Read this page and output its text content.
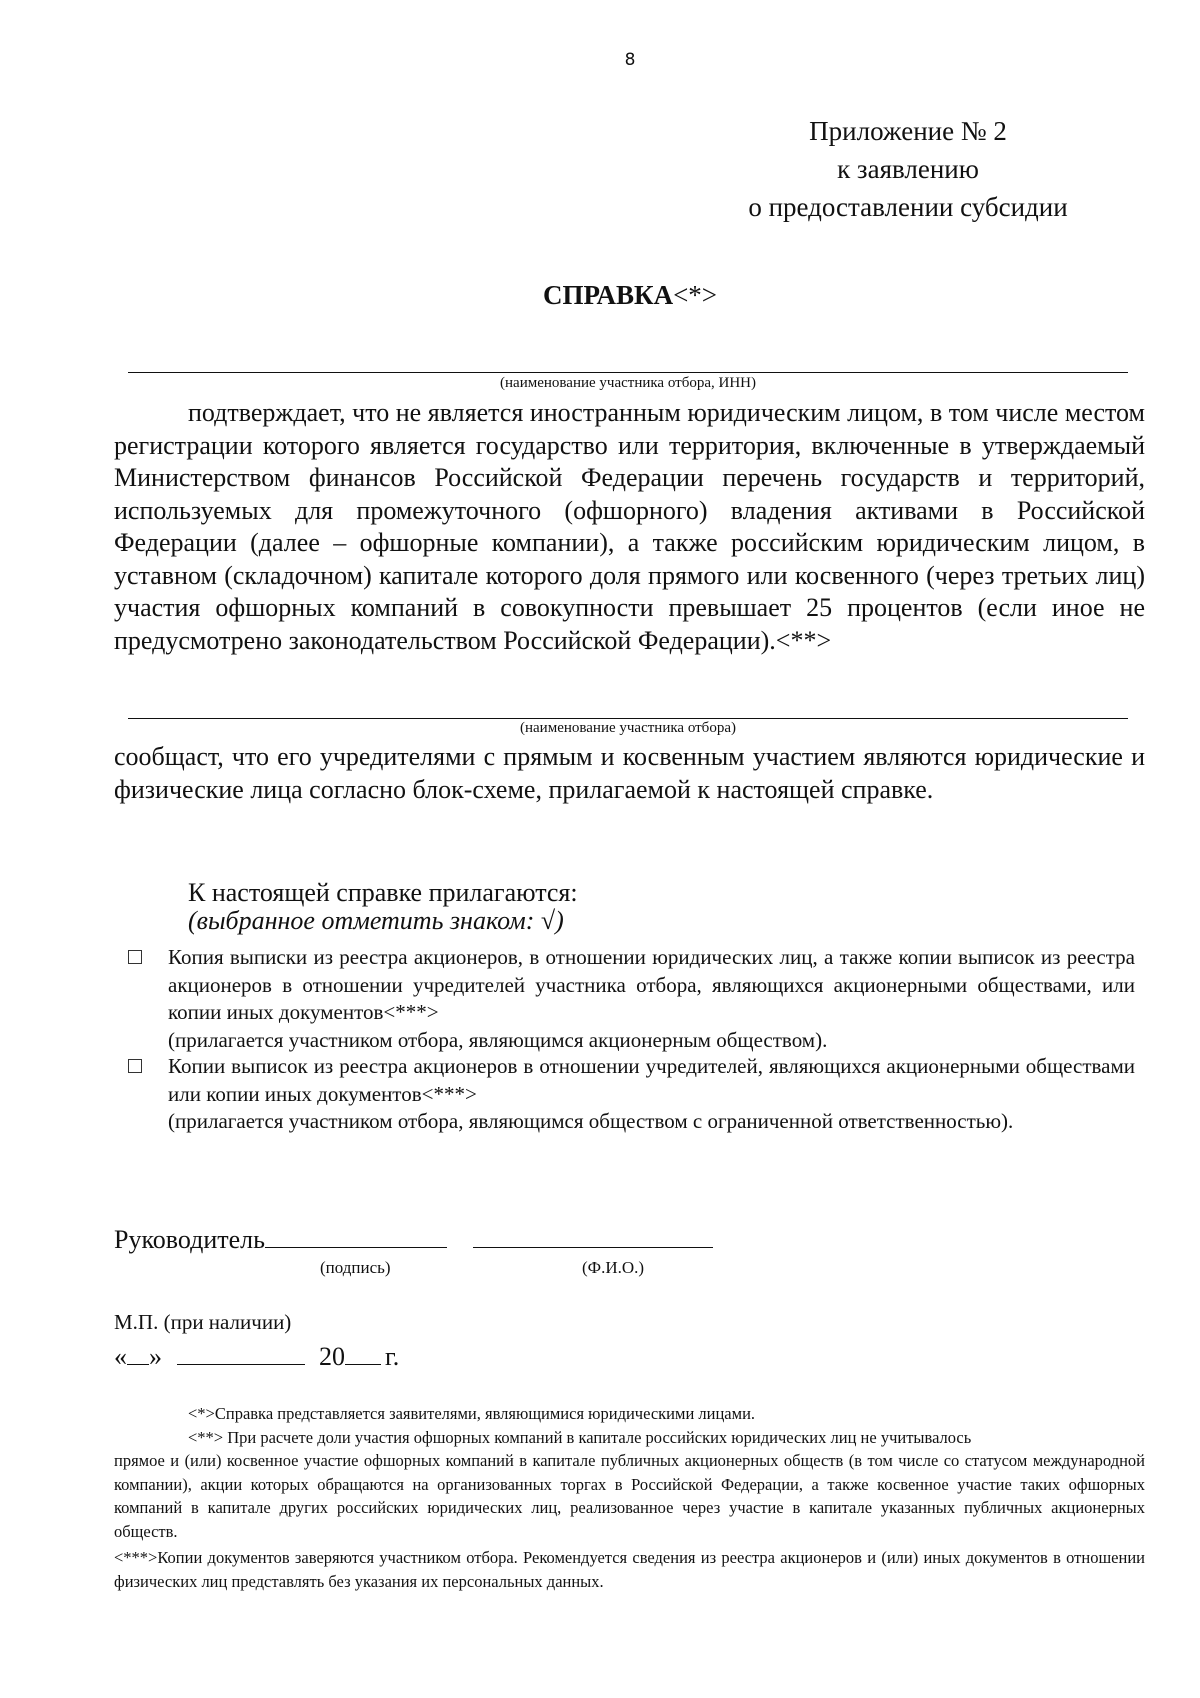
8
Приложение № 2
к заявлению
о предоставлении субсидии
СПРАВКА<*>
(наименование участника отбора, ИНН)

подтверждает, что не является иностранным юридическим лицом, в том числе местом регистрации которого является государство или территория, включенные в утверждаемый Министерством финансов Российской Федерации перечень государств и территорий, используемых для промежуточного (офшорного) владения активами в Российской Федерации (далее – офшорные компании), а также российским юридическим лицом, в уставном (складочном) капитале которого доля прямого или косвенного (через третьих лиц) участия офшорных компаний в совокупности превышает 25 процентов (если иное не предусмотрено законодательством Российской Федерации).<**>

(наименование участника отбора)

сообщаст, что его учредителями с прямым и косвенным участием являются юридические и физические лица согласно блок-схеме, прилагаемой к настоящей справке.

К настоящей справке прилагаются:
(выбранное отметить знаком: √)
Копия выписки из реестра акционеров, в отношении юридических лиц, а также копии выписок из реестра акционеров в отношении учредителей участника отбора, являющихся акционерными обществами, или копии иных документов<***>
(прилагается участником отбора, являющимся акционерным обществом).
Копии выписок из реестра акционеров в отношении учредителей, являющихся акционерными обществами или копии иных документов<***>
(прилагается участником отбора, являющимся обществом с ограниченной ответственностью).
Руководитель
(подпись)	(Ф.И.О.)
М.П. (при наличии)
« »	20 г.

<*>Справка представляется заявителями, являющимися юридическими лицами.

<**> При расчете доли участия офшорных компаний в капитале российских юридических лиц не учитывалось

прямое и (или) косвенное участие офшорных компаний в капитале публичных акционерных обществ (в том числе со статусом международной компании), акции которых обращаются на организованных торгах в Российской Федерации, а также косвенное участие таких офшорных компаний в капитале других российских юридических лиц, реализованное через участие в капитале указанных публичных акционерных обществ.

<***>Копии документов заверяются участником отбора. Рекомендуется сведения из реестра акционеров и (или) иных документов в отношении физических лиц представлять без указания их персональных данных.
